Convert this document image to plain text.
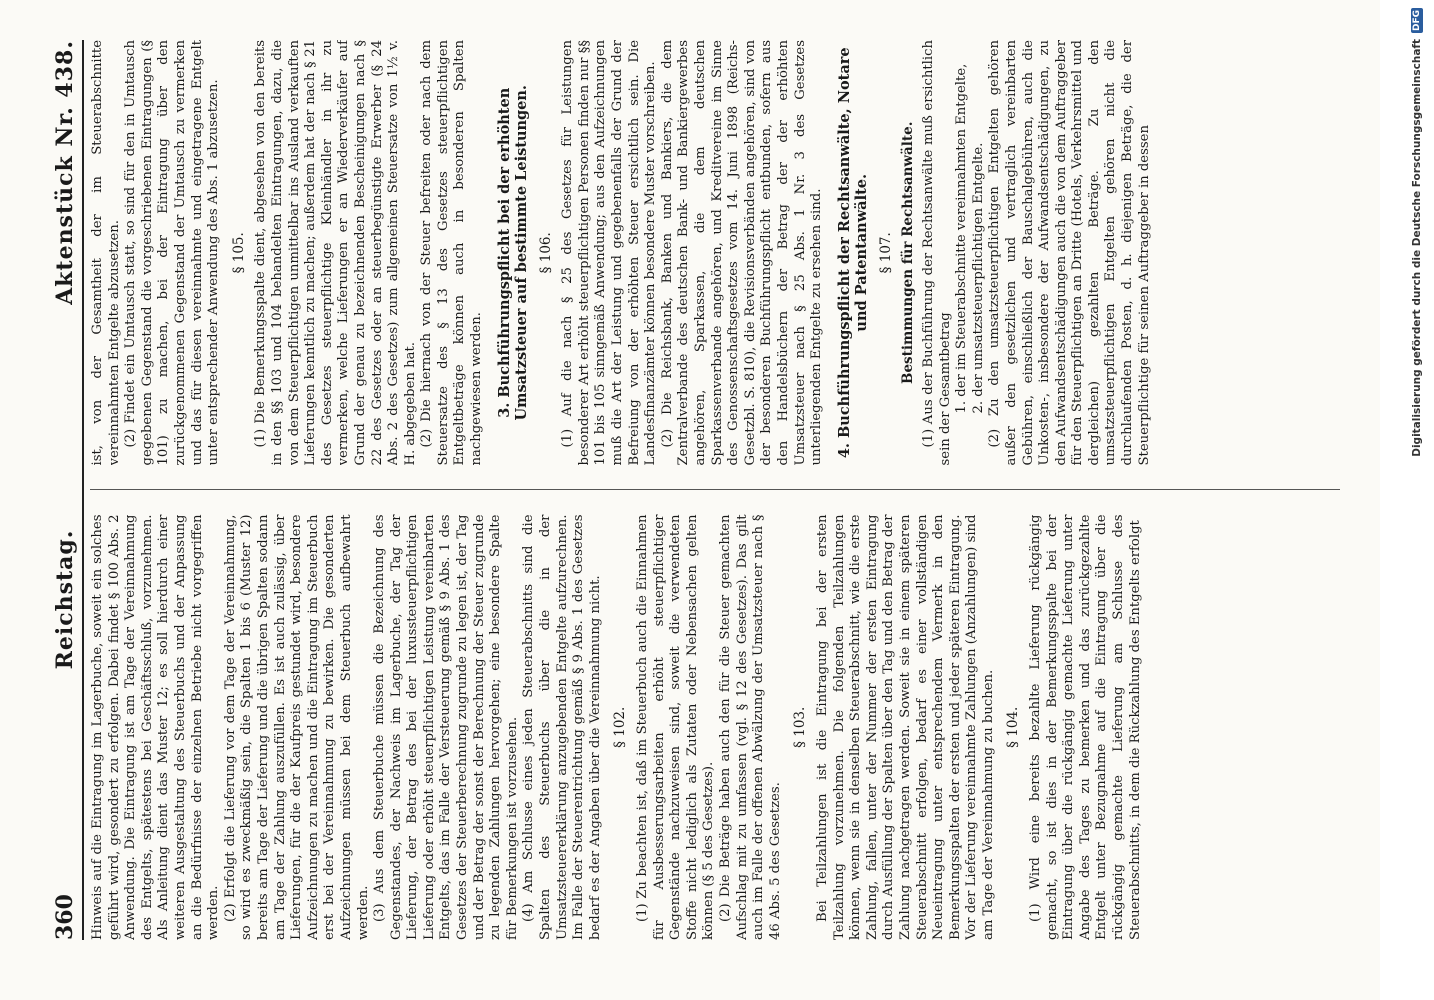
360
Reichstag.
Aktenstück Nr. 438.

Hinweis auf die Eintragung im Lagerbuche, soweit ein solches geführt wird, gesondert zu erfolgen. Dabei findet § 100 Abs. 2 Anwendung. Die Eintragung ist am Tage der Vereinnahmung des Entgelts, spätestens bei Geschäftsschluß, vorzunehmen. Als Anleitung dient das Muster 12; es soll hierdurch einer weiteren Ausgestaltung des Steuerbuchs und der Anpassung an die Bedürfnisse der einzelnen Betriebe nicht vorgegriffen werden. (2) Erfolgt die Lieferung vor dem Tage der Vereinnahmung, so wird es zweckmäßig sein, die Spalten 1 bis 6 (Muster 12) bereits am Tage der Lieferung und die übrigen Spalten sodann am Tage der Zahlung auszufüllen. Es ist auch zulässig, über Lieferungen, für die der Kaufpreis gestundet wird, besondere Aufzeichnungen zu machen und die Eintragung im Steuerbuch erst bei der Vereinnahmung zu bewirken. Die gesonderten Aufzeichnungen müssen bei dem Steuerbuch aufbewahrt werden. (3) Aus dem Steuerbuche müssen die Bezeichnung des Gegenstandes, der Nachweis im Lagerbuche, der Tag der Lieferung, der Betrag des bei der luxussteuerpflichtigen Lieferung oder erhöht steuerpflichtigen Leistung vereinbarten Entgelts, das im Falle der Versteuerung gemäß § 9 Abs. 1 des Gesetzes der Steuerberechnung zugrunde zu legen ist, der Tag und der Betrag der sonst der Berechnung der Steuer zugrunde zu legenden Zahlungen hervorgehen; eine besondere Spalte für Bemerkungen ist vorzusehen. (4) Am Schlusse eines jeden Steuerabschnitts sind die Spalten des Steuerbuchs über die in der Umsatzsteuererklärung anzugebenden Entgelte aufzurechnen. Im Falle der Steuerentrichtung gemäß § 9 Abs. 1 des Gesetzes bedarf es der Angaben über die Vereinnahmung nicht. § 102. (1) Zu beachten ist, daß im Steuerbuch auch die Einnahmen für Ausbesserungsarbeiten erhöht steuerpflichtiger Gegenstände nachzuweisen sind, soweit die verwendeten Stoffe nicht lediglich als Zutaten oder Nebensachen gelten können (§ 5 des Gesetzes). (2) Die Beträge haben auch den für die Steuer gemachten Aufschlag mit zu umfassen (vgl. § 12 des Gesetzes). Das gilt auch im Falle der offenen Abwälzung der Umsatzsteuer nach § 46 Abs. 5 des Gesetzes.

§ 103. Bei Teilzahlungen ist die Eintragung bei der ersten Teilzahlung vorzunehmen. Die folgenden Teilzahlungen können, wenn sie in denselben Steuerabschnitt, wie die erste Zahlung, fallen, unter der Nummer der ersten Eintragung durch Ausfüllung der Spalten über den Tag und den Betrag der Zahlung nachgetragen werden. Soweit sie in einem späteren Steuerabschnitt erfolgen, bedarf es einer vollständigen Neueintragung unter entsprechendem Vermerk in den Bemerkungsspalten der ersten und jeder späteren Eintragung. Vor der Lieferung vereinnahmte Zahlungen (Anzahlungen) sind am Tage der Vereinnahmung zu buchen. § 104. (1) Wird eine bereits bezahlte Lieferung rückgängig gemacht, so ist dies in der Bemerkungsspalte bei der Eintragung über die rückgängig gemachte Lieferung unter Angabe des Tages zu bemerken und das zurückgezahlte Entgelt unter Bezugnahme auf die Eintragung über die rückgängig gemachte Lieferung am Schlusse des Steuerabschnitts, in dem die Rückzahlung des Entgelts erfolgt

ist, von der Gesamtheit der im Steuerabschnitte vereinnahmten Entgelte abzusetzen. (2) Findet ein Umtausch statt, so sind für den in Umtausch gegebenen Gegenstand die vorgeschriebenen Eintragungen (§ 101) zu machen, bei der Eintragung über den zurückgenommenen Gegenstand der Umtausch zu vermerken und das für diesen vereinnahmte und eingetragene Entgelt unter entsprechender Anwendung des Abs. 1 abzusetzen. § 105. (1) Die Bemerkungsspalte dient, abgesehen von den bereits in den §§ 103 und 104 behandelten Eintragungen, dazu, die von dem Steuerpflichtigen unmittelbar ins Ausland verkauften Lieferungen kenntlich zu machen; außerdem hat der nach § 21 des Gesetzes steuerpflichtige Kleinhändler in ihr zu vermerken, welche Lieferungen er an Wiederverkäufer auf Grund der genau zu bezeichnenden Bescheinigungen nach § 22 des Gesetzes oder an steuerbegünstigte Erwerber (§ 24 Abs. 2 des Gesetzes) zum allgemeinen Steuersatze von 1½ v. H. abgegeben hat. (2) Die hiernach von der Steuer befreiten oder nach dem Steuersatze des § 13 des Gesetzes steuerpflichtigen Entgeltbeträge können auch in besonderen Spalten nachgewiesen werden. 3. Buchführungspflicht bei der erhöhten Umsatzsteuer auf bestimmte Leistungen. § 106. (1) Auf die nach § 25 des Gesetzes für Leistungen besonderer Art erhöht steuerpflichtigen Personen finden nur §§ 101 bis 105 sinngemäß Anwendung; aus den Aufzeichnungen muß die Art der Leistung und gegebenenfalls der Grund der Befreiung von der erhöhten Steuer ersichtlich sein. Die Landesfinanzämter können besondere Muster vorschreiben. (2) Die Reichsbank, Banken und Bankiers, die dem Zentralverbande des deutschen Bank- und Bankiergewerbes angehören, Sparkassen, die dem deutschen Sparkassenverbande angehören, und Kreditvereine im Sinne des Genossenschaftsgesetzes vom 14. Juni 1898 (Reichs-Gesetzbl. S. 810), die Revisionsverbänden angehören, sind von der besonderen Buchführungspflicht entbunden, sofern aus den Handelsbüchern der Betrag der der erhöhten Umsatzsteuer nach § 25 Abs. 1 Nr. 3 des Gesetzes unterliegenden Entgelte zu ersehen sind. 4. Buchführungspflicht der Rechtsanwälte, Notare und Patentanwälte. § 107. Bestimmungen für Rechtsanwälte. (1) Aus der Buchführung der Rechtsanwälte muß ersichtlich sein der Gesamtbetrag 1. der im Steuerabschnitte vereinnahmten Entgelte, 2. der umsatzsteuerpflichtigen Entgelte. (2) Zu den umsatzsteuerpflichtigen Entgelten gehören außer den gesetzlichen und vertraglich vereinbarten Gebühren, einschließlich der Bauschalgebühren, auch die Unkosten-, insbesondere der Aufwandsentschädigungen, zu den Aufwandsentschädigungen auch die von dem Auftraggeber für den Steuerpflichtigen an Dritte (Hotels, Verkehrsmittel und dergleichen) gezahlten Beträge. Zu den umsatzsteuerpflichtigen Entgelten gehören nicht die durchlaufenden Posten, d. h. diejenigen Beträge, die der Steuerpflichtige für seinen Auftraggeber in dessen

DFG
Digitalisierung gefördert durch die Deutsche Forschungsgemeinschaft
